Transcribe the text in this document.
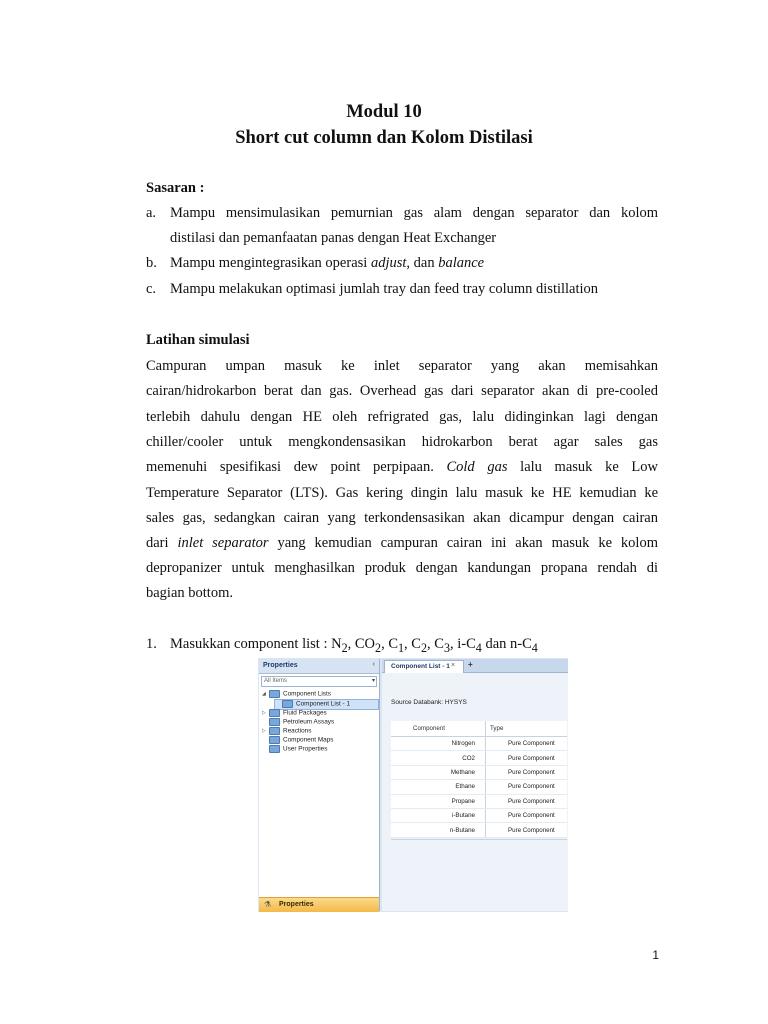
Modul 10
Short cut column dan Kolom Distilasi
Sasaran :
a. Mampu mensimulasikan pemurnian gas alam dengan separator dan kolom
distilasi dan pemanfaatan panas dengan Heat Exchanger
b. Mampu mengintegrasikan operasi adjust, dan balance
c. Mampu melakukan optimasi jumlah tray dan feed tray column distillation
Latihan simulasi
Campuran umpan masuk ke inlet separator yang akan memisahkan
cairan/hidrokarbon berat dan gas. Overhead gas dari separator akan di pre-cooled
terlebih dahulu dengan HE oleh refrigrated gas, lalu didinginkan lagi dengan
chiller/cooler untuk mengkondensasikan hidrokarbon berat agar sales gas
memenuhi spesifikasi dew point perpipaan. Cold gas lalu masuk ke Low
Temperature Separator (LTS). Gas kering dingin lalu masuk ke HE kemudian ke
sales gas, sedangkan cairan yang terkondensasikan akan dicampur dengan cairan
dari inlet separator yang kemudian campuran cairan ini akan masuk ke kolom
depropanizer untuk menghasilkan produk dengan kandungan propana rendah di
bagian bottom.
1. Masukkan component list : $N_2$, $CO_2$, $C_1$, $C_2$, $C_3$, $i-C_4$ dan $n-C_4$
Properties	‹
All Items	▾
◢	Component Lists
Component List - 1
▷	Fluid Packages
Petroleum Assays
▷	Reactions
Component Maps
User Properties
⚗ Properties
Component List - 1 × +
Source Databank: HYSYS
Component	Type
Nitrogen	Pure Component
CO2	Pure Component
Methane	Pure Component
Ethane	Pure Component
Propane	Pure Component
i-Butane	Pure Component
n-Butane	Pure Component
1
